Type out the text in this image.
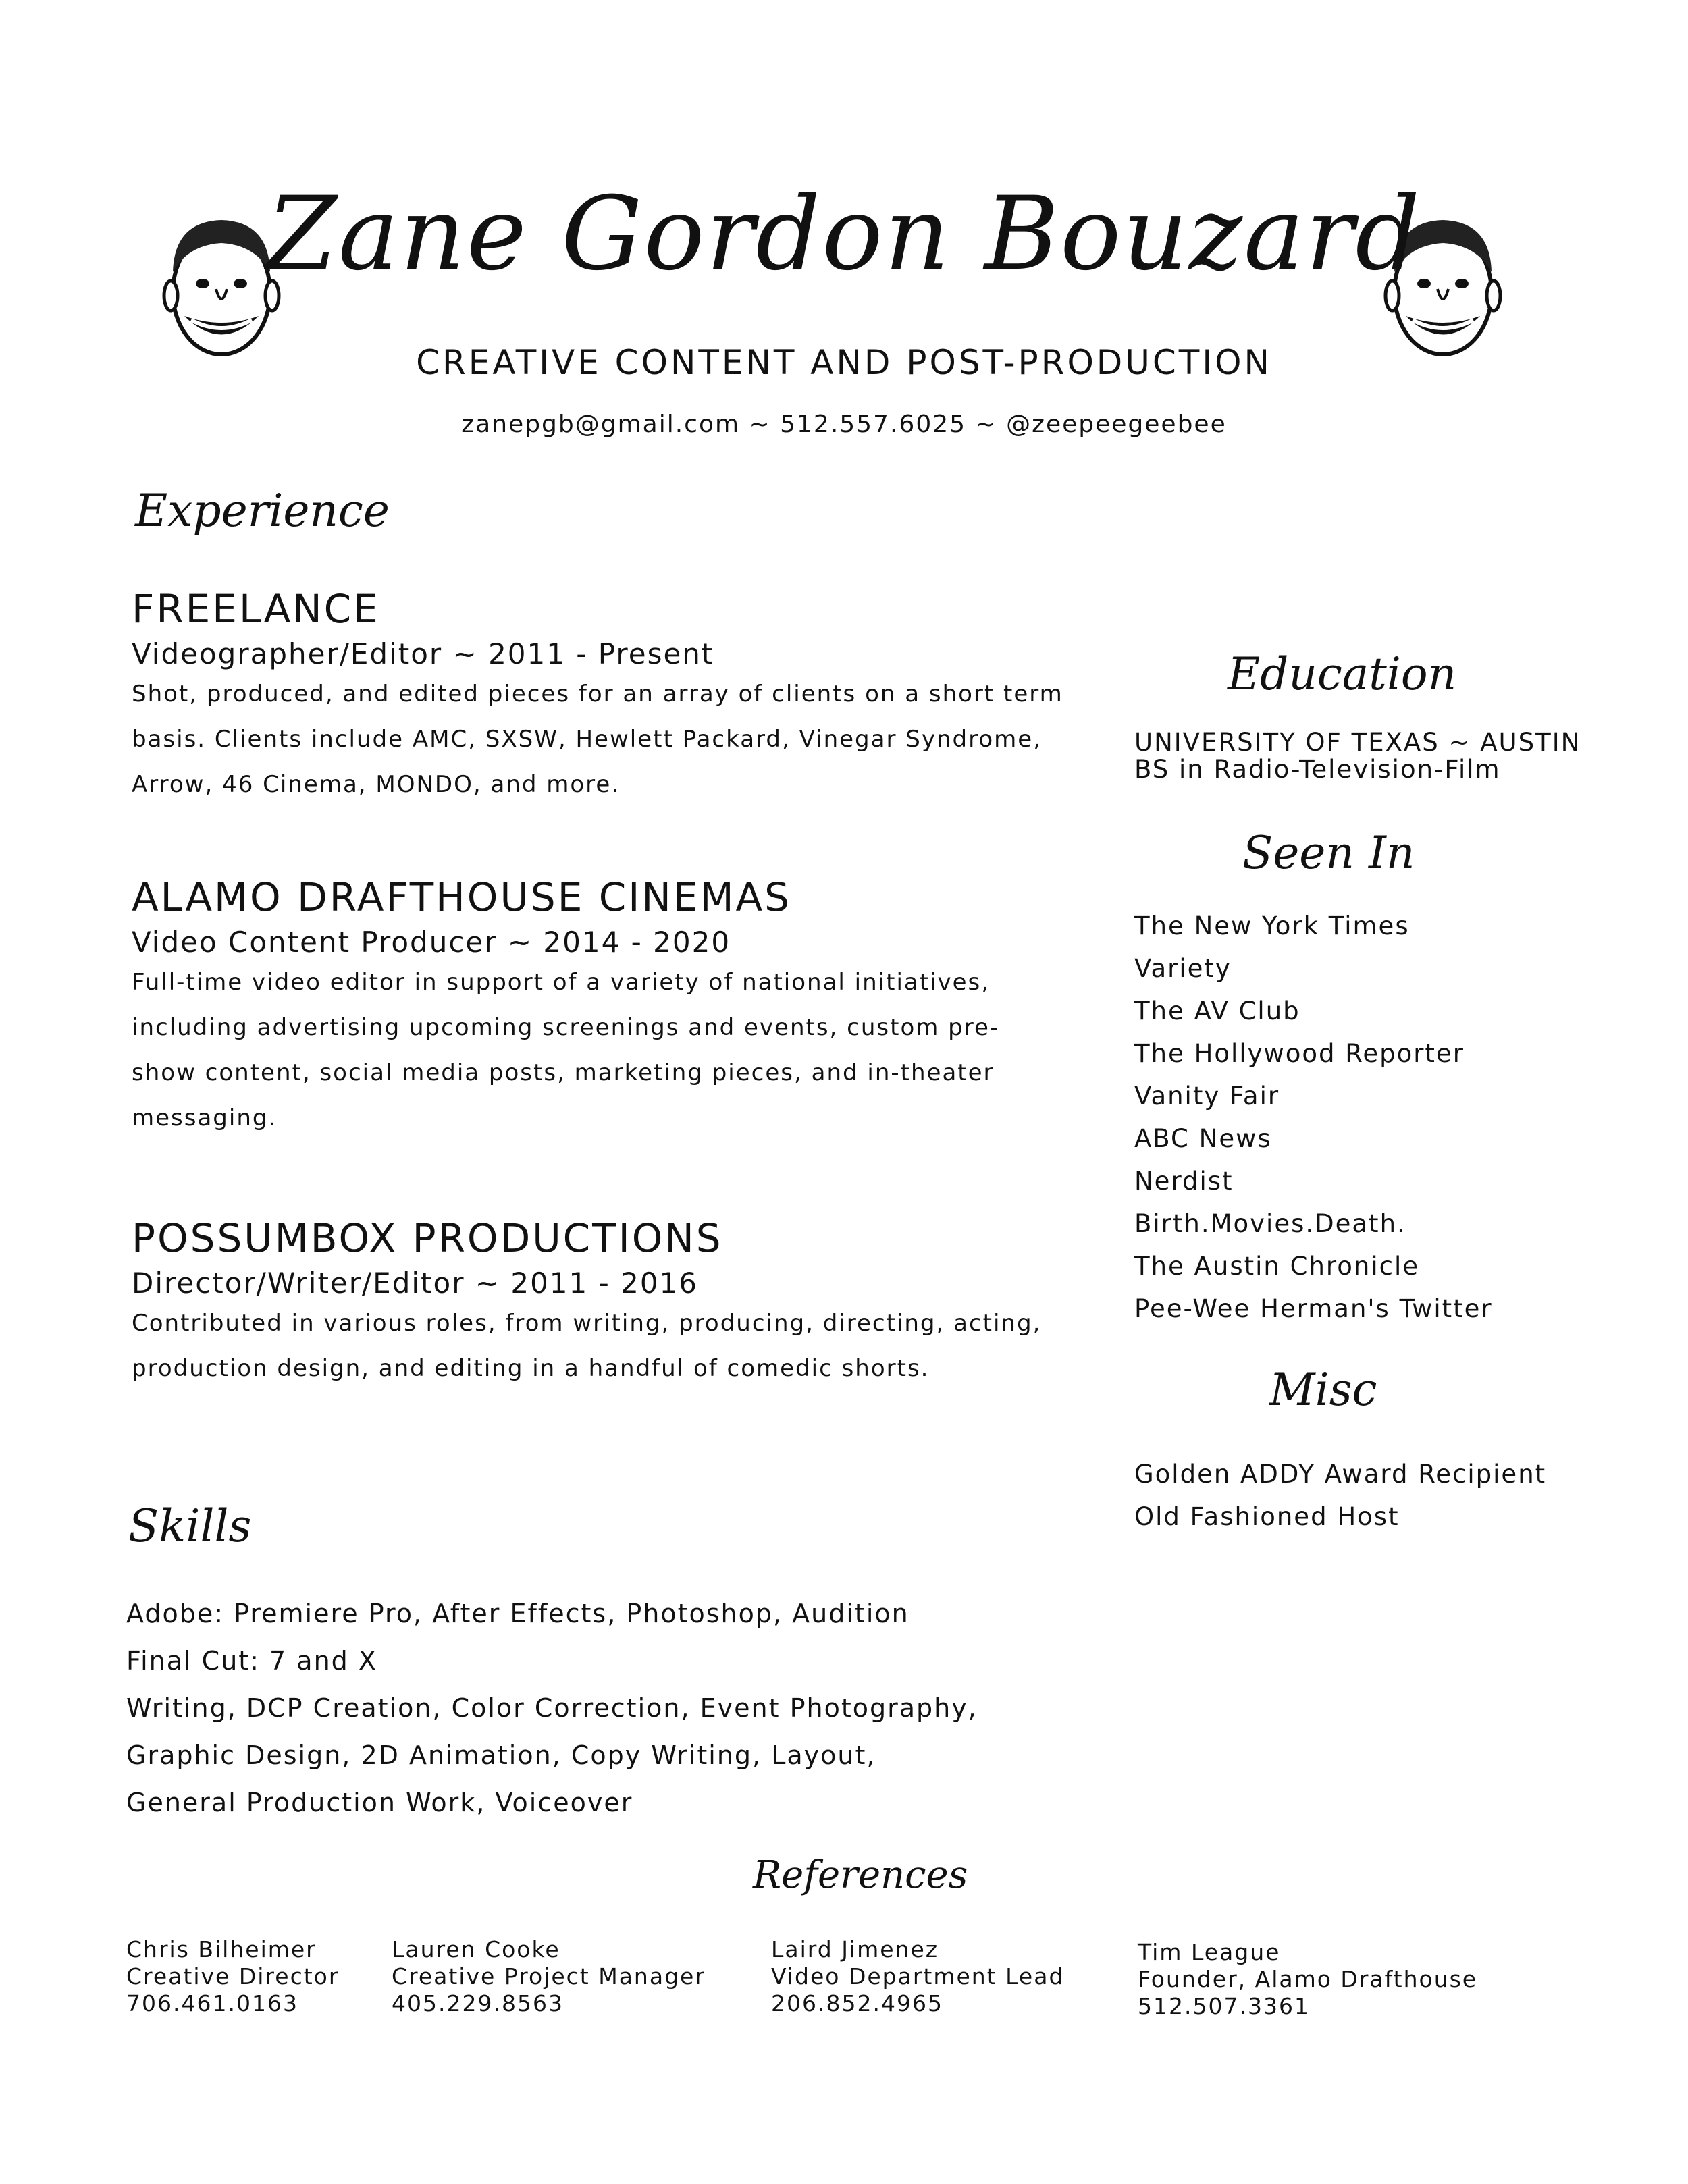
Zane Gordon Bouzard
CREATIVE CONTENT AND POST-PRODUCTION
zanepgb@gmail.com ~ 512.557.6025 ~ @zeepeegeebee
Experience
FREELANCE
Videographer/Editor ~ 2011 - Present
Shot, produced, and edited pieces for an array of clients on a short term basis. Clients include AMC, SXSW, Hewlett Packard, Vinegar Syndrome, Arrow, 46 Cinema, MONDO, and more.
ALAMO DRAFTHOUSE CINEMAS
Video Content Producer ~ 2014 - 2020
Full-time video editor in support of a variety of national initiatives, including advertising upcoming screenings and events, custom pre-show content, social media posts, marketing pieces, and in-theater messaging.
POSSUMBOX PRODUCTIONS
Director/Writer/Editor ~ 2011 - 2016
Contributed in various roles, from writing, producing, directing, acting, production design, and editing in a handful of comedic shorts.
Skills
Adobe: Premiere Pro, After Effects, Photoshop, Audition
Final Cut: 7 and X
Writing, DCP Creation, Color Correction, Event Photography,
Graphic Design, 2D Animation, Copy Writing, Layout,
General Production Work, Voiceover
Education
UNIVERSITY OF TEXAS ~ AUSTIN
BS in Radio-Television-Film
Seen In
The New York Times
Variety
The AV Club
The Hollywood Reporter
Vanity Fair
ABC News
Nerdist
Birth.Movies.Death.
The Austin Chronicle
Pee-Wee Herman's Twitter
Misc
Golden ADDY Award Recipient
Old Fashioned Host
References
Chris Bilheimer
Creative Director
706.461.0163
Lauren Cooke
Creative Project Manager
405.229.8563
Laird Jimenez
Video Department Lead
206.852.4965
Tim League
Founder, Alamo Drafthouse
512.507.3361
